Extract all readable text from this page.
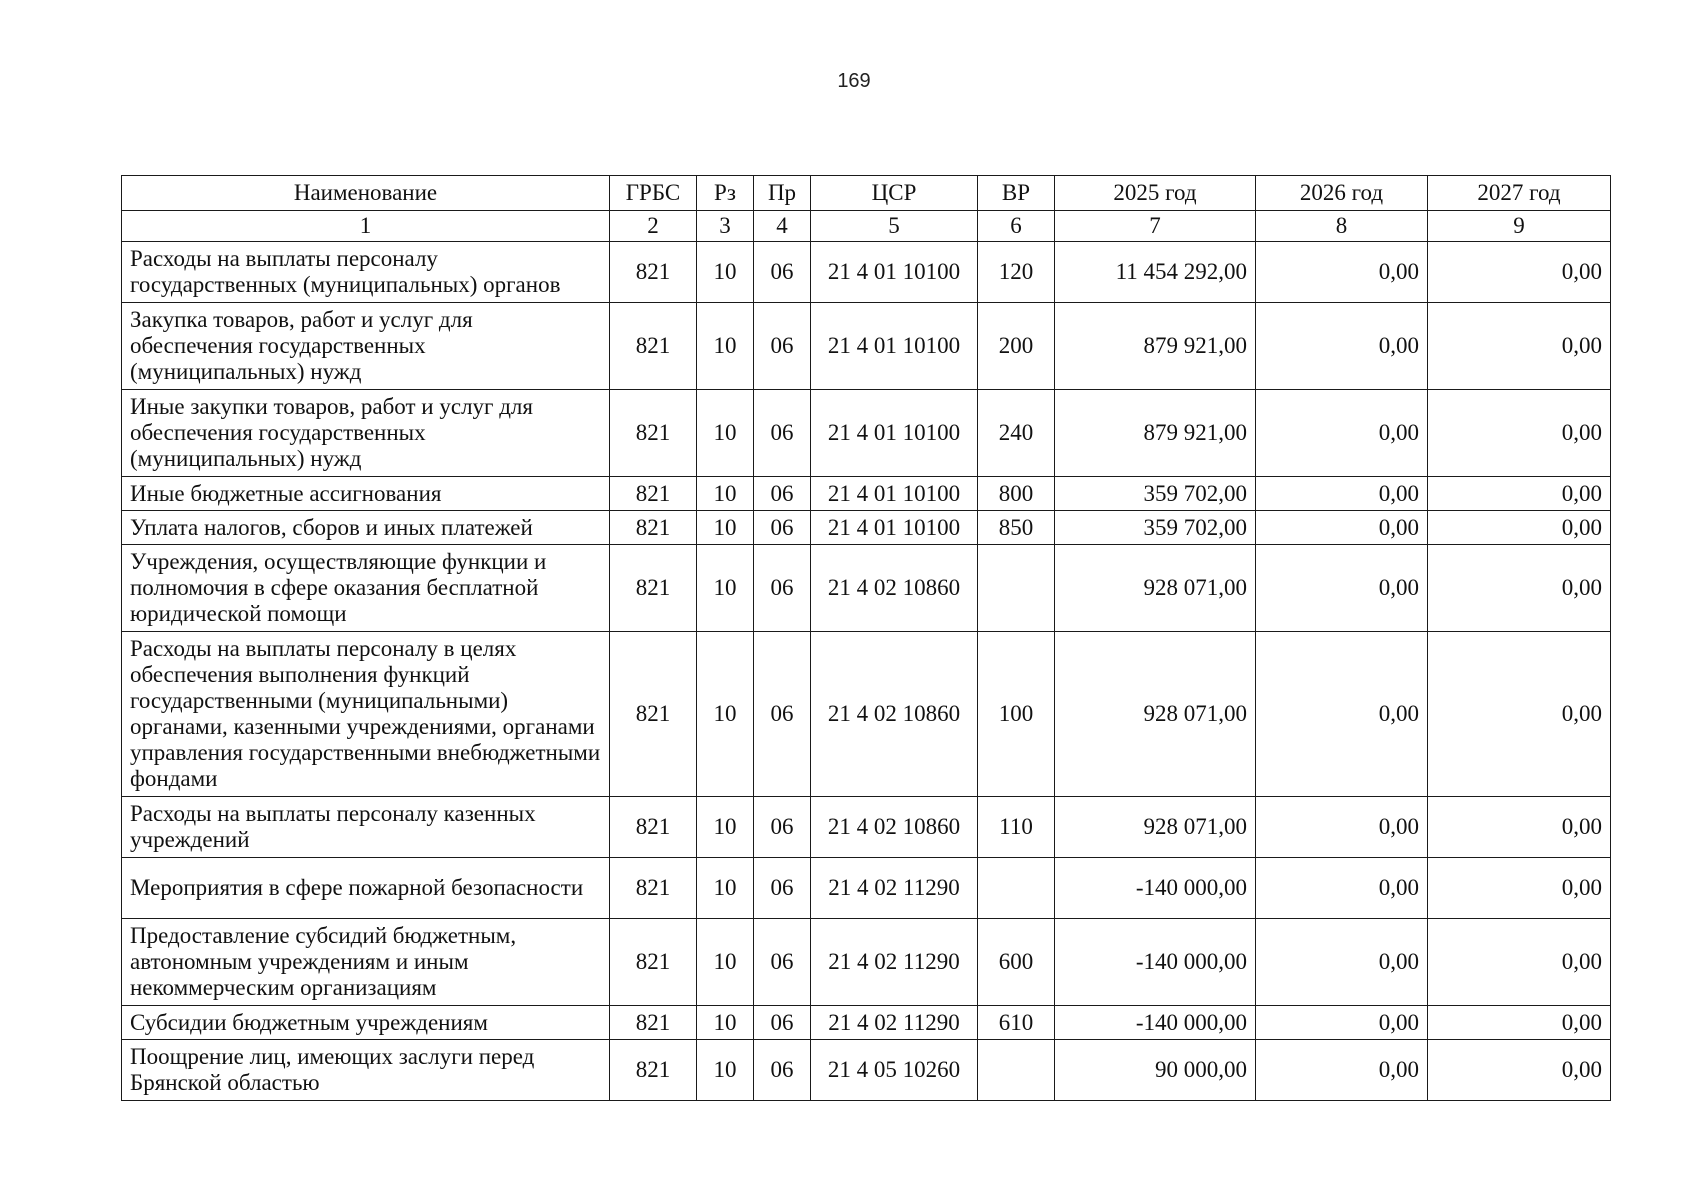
169
Наименование	ГРБС	Рз	Пр	ЦСР	ВР	2025 год	2026 год	2027 год
1	2	3	4	5	6	7	8	9
Расходы на выплаты персоналу государственных (муниципальных) органов	821	10	06	21 4 01 10100	120	11 454 292,00	0,00	0,00
Закупка товаров, работ и услуг для обеспечения государственных (муниципальных) нужд	821	10	06	21 4 01 10100	200	879 921,00	0,00	0,00
Иные закупки товаров, работ и услуг для обеспечения государственных (муниципальных) нужд	821	10	06	21 4 01 10100	240	879 921,00	0,00	0,00
Иные бюджетные ассигнования	821	10	06	21 4 01 10100	800	359 702,00	0,00	0,00
Уплата налогов, сборов и иных платежей	821	10	06	21 4 01 10100	850	359 702,00	0,00	0,00
Учреждения, осуществляющие функции и полномочия в сфере оказания бесплатной юридической помощи	821	10	06	21 4 02 10860		928 071,00	0,00	0,00
Расходы на выплаты персоналу в целях обеспечения выполнения функций государственными (муниципальными) органами, казенными учреждениями, органами управления государственными внебюджетными фондами	821	10	06	21 4 02 10860	100	928 071,00	0,00	0,00
Расходы на выплаты персоналу казенных учреждений	821	10	06	21 4 02 10860	110	928 071,00	0,00	0,00
Мероприятия в сфере пожарной безопасности	821	10	06	21 4 02 11290		-140 000,00	0,00	0,00
Предоставление субсидий бюджетным, автономным учреждениям и иным некоммерческим организациям	821	10	06	21 4 02 11290	600	-140 000,00	0,00	0,00
Субсидии бюджетным учреждениям	821	10	06	21 4 02 11290	610	-140 000,00	0,00	0,00
Поощрение лиц, имеющих заслуги перед Брянской областью	821	10	06	21 4 05 10260		90 000,00	0,00	0,00
